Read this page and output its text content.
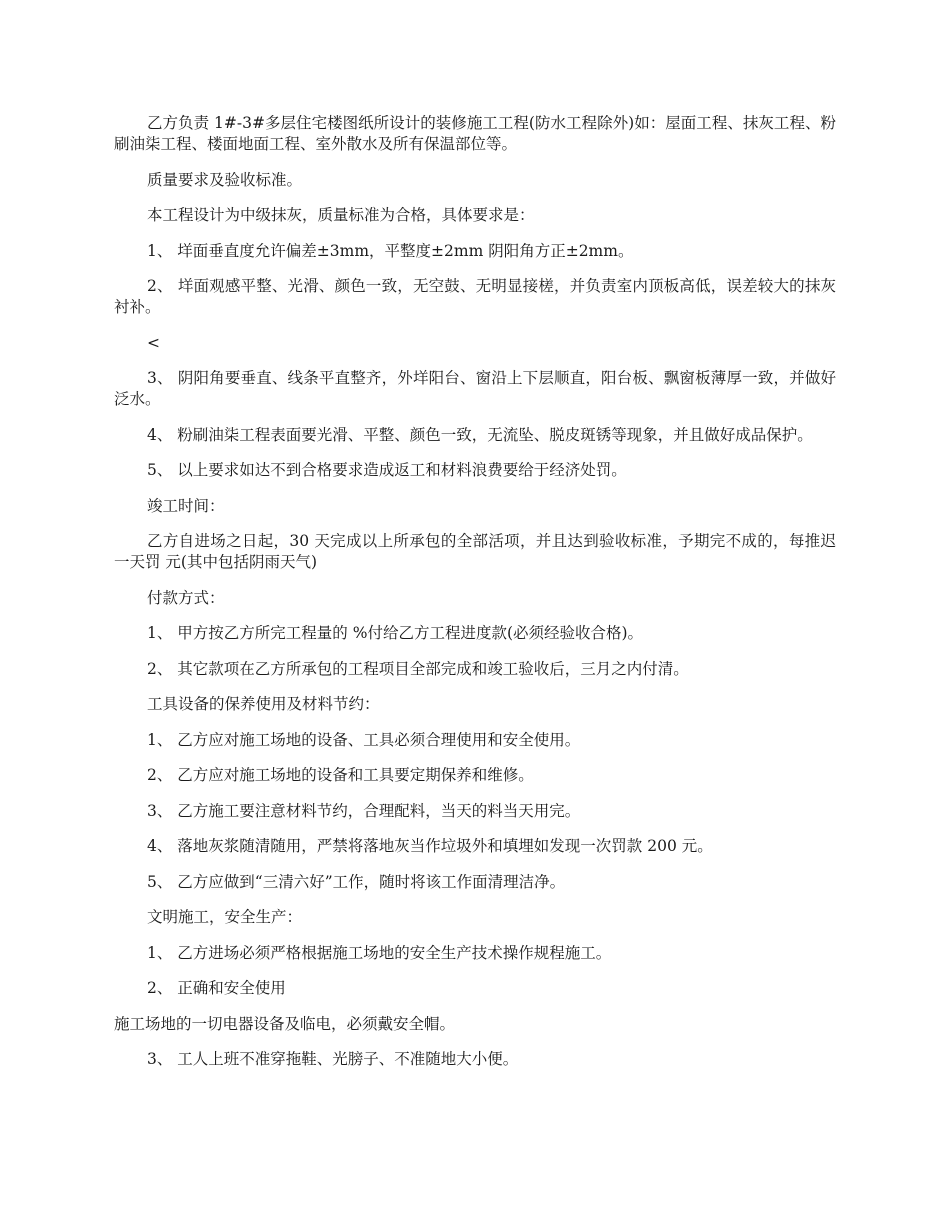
乙方负责 1#-3#多层住宅楼图纸所设计的装修施工工程(防水工程除外)如：屋面工程、抹灰工程、粉刷油柒工程、楼面地面工程、室外散水及所有保温部位等。

质量要求及验收标准。

本工程设计为中级抹灰，质量标准为合格，具体要求是：

1、 垟面垂直度允许偏差±3mm，平整度±2mm 阴阳角方正±2mm。

2、 垟面观感平整、光滑、颜色一致，无空鼓、无明显接槎，并负责室内顶板高低，误差较大的抹灰衬补。

<

3、 阴阳角要垂直、线条平直整齐，外垟阳台、窗沿上下层顺直，阳台板、飘窗板薄厚一致，并做好泛水。

4、 粉刷油柒工程表面要光滑、平整、颜色一致，无流坠、脱皮斑锈等现象，并且做好成品保护。

5、 以上要求如达不到合格要求造成返工和材料浪费要给于经济处罚。

竣工时间：

乙方自进场之日起，30 天完成以上所承包的全部活项，并且达到验收标准，予期完不成的，每推迟一天罚 元(其中包括阴雨天气)

付款方式：

1、 甲方按乙方所完工程量的 %付给乙方工程进度款(必须经验收合格)。

2、 其它款项在乙方所承包的工程项目全部完成和竣工验收后，三月之内付清。

工具设备的保养使用及材料节约：

1、 乙方应对施工场地的设备、工具必须合理使用和安全使用。

2、 乙方应对施工场地的设备和工具要定期保养和维修。

3、 乙方施工要注意材料节约，合理配料，当天的料当天用完。

4、 落地灰浆随清随用，严禁将落地灰当作垃圾外和填埋如发现一次罚款 200 元。

5、 乙方应做到“三清六好”工作，随时将该工作面清理洁净。

文明施工，安全生产：

1、 乙方进场必须严格根据施工场地的安全生产技术操作规程施工。

2、 正确和安全使用

施工场地的一切电器设备及临电，必须戴安全帽。

3、 工人上班不准穿拖鞋、光膀子、不准随地大小便。
